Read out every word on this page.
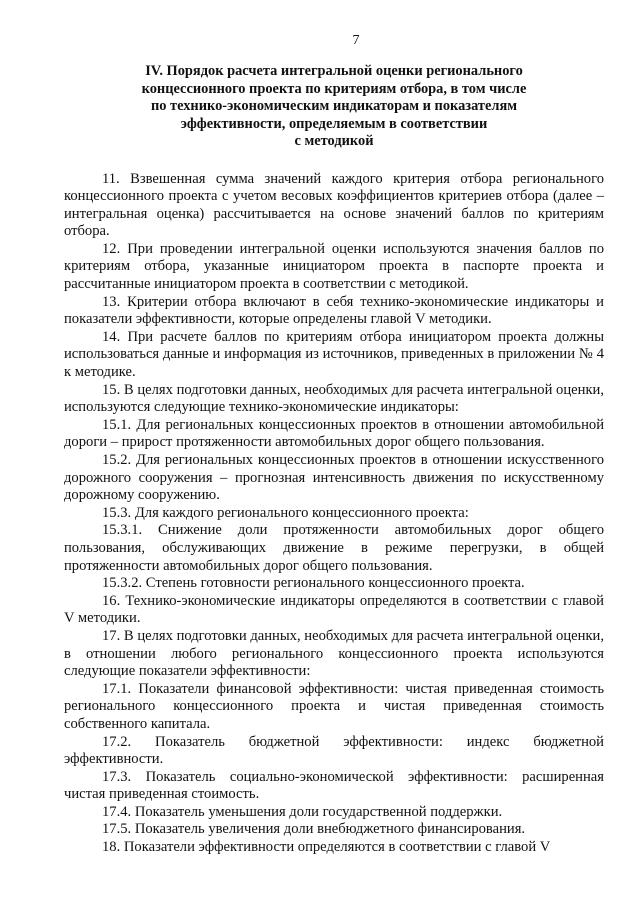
7
IV. Порядок расчета интегральной оценки регионального
концессионного проекта по критериям отбора, в том числе
по технико-экономическим индикаторам и показателям
эффективности, определяемым в соответствии
с методикой

11. Взвешенная сумма значений каждого критерия отбора регионального концессионного проекта с учетом весовых коэффициентов критериев отбора (далее – интегральная оценка) рассчитывается на основе значений баллов по критериям отбора.

12. При проведении интегральной оценки используются значения баллов по критериям отбора, указанные инициатором проекта в паспорте проекта и рассчитанные инициатором проекта в соответствии с методикой.

13. Критерии отбора включают в себя технико-экономические индикаторы и показатели эффективности, которые определены главой V методики.

14. При расчете баллов по критериям отбора инициатором проекта должны использоваться данные и информация из источников, приведенных в приложении № 4 к методике.

15. В целях подготовки данных, необходимых для расчета интегральной оценки, используются следующие технико-экономические индикаторы:

15.1. Для региональных концессионных проектов в отношении автомобильной дороги – прирост протяженности автомобильных дорог общего пользования.

15.2. Для региональных концессионных проектов в отношении искусственного дорожного сооружения – прогнозная интенсивность движения по искусственному дорожному сооружению.

15.3. Для каждого регионального концессионного проекта:

15.3.1. Снижение доли протяженности автомобильных дорог общего пользования, обслуживающих движение в режиме перегрузки, в общей протяженности автомобильных дорог общего пользования.

15.3.2. Степень готовности регионального концессионного проекта.

16. Технико-экономические индикаторы определяются в соответствии с главой V методики.

17. В целях подготовки данных, необходимых для расчета интегральной оценки, в отношении любого регионального концессионного проекта используются следующие показатели эффективности:

17.1. Показатели финансовой эффективности: чистая приведенная стоимость регионального концессионного проекта и чистая приведенная стоимость собственного капитала.

17.2. Показатель бюджетной эффективности: индекс бюджетной эффективности.

17.3. Показатель социально-экономической эффективности: расширенная чистая приведенная стоимость.

17.4. Показатель уменьшения доли государственной поддержки.

17.5. Показатель увеличения доли внебюджетного финансирования.

18. Показатели эффективности определяются в соответствии с главой V
